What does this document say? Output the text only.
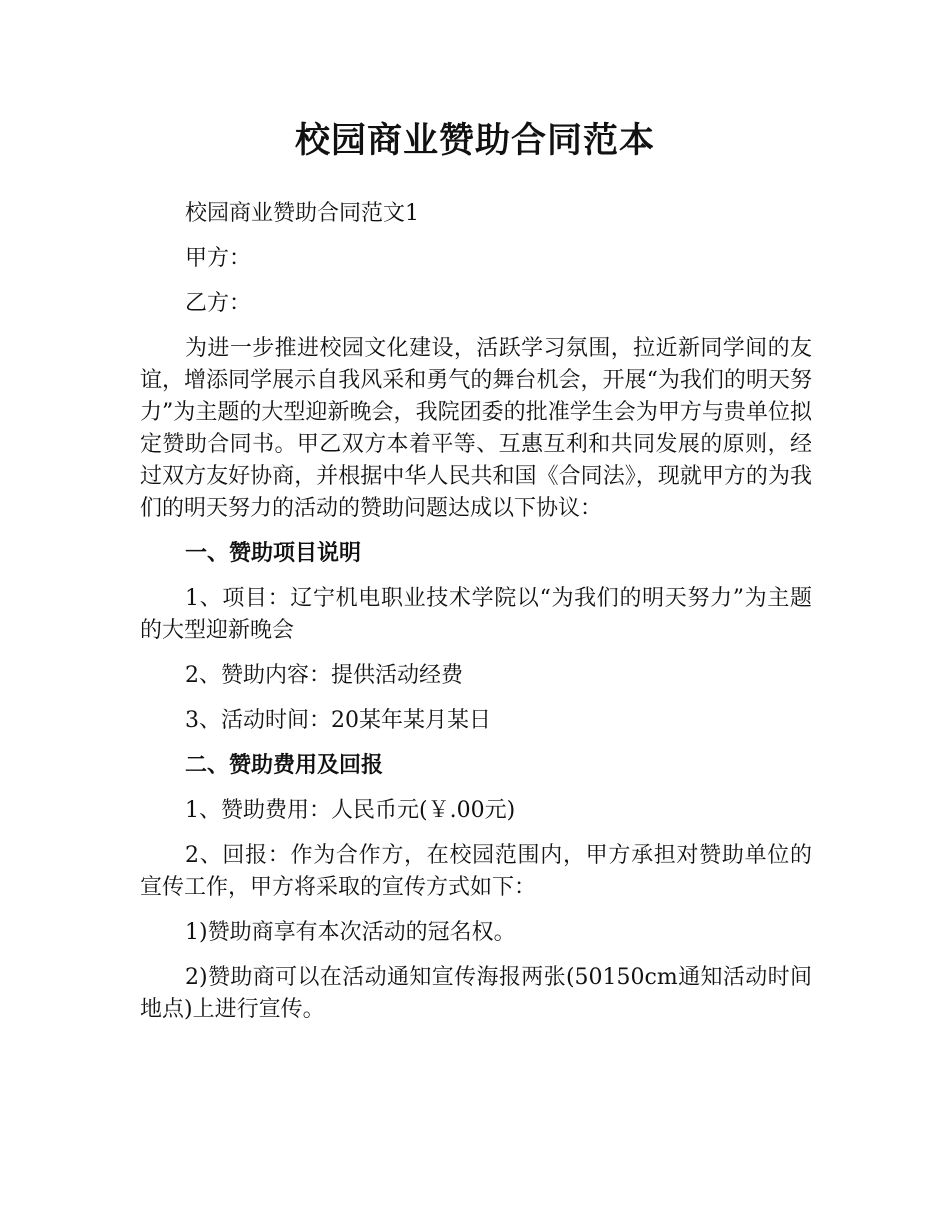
校园商业赞助合同范本

校园商业赞助合同范文1

甲方：

乙方：

为进一步推进校园文化建设，活跃学习氛围，拉近新同学间的友谊，增添同学展示自我风采和勇气的舞台机会，开展“为我们的明天努力”为主题的大型迎新晚会，我院团委的批准学生会为甲方与贵单位拟定赞助合同书。甲乙双方本着平等、互惠互利和共同发展的原则，经过双方友好协商，并根据中华人民共和国《合同法》，现就甲方的为我们的明天努力的活动的赞助问题达成以下协议：

一、赞助项目说明

1、项目：辽宁机电职业技术学院以“为我们的明天努力”为主题的大型迎新晚会

2、赞助内容：提供活动经费

3、活动时间：20某年某月某日

二、赞助费用及回报

1、赞助费用：人民币元(￥.00元)

2、回报：作为合作方，在校园范围内，甲方承担对赞助单位的宣传工作，甲方将采取的宣传方式如下：

1)赞助商享有本次活动的冠名权。

2)赞助商可以在活动通知宣传海报两张(50150cm通知活动时间地点)上进行宣传。
